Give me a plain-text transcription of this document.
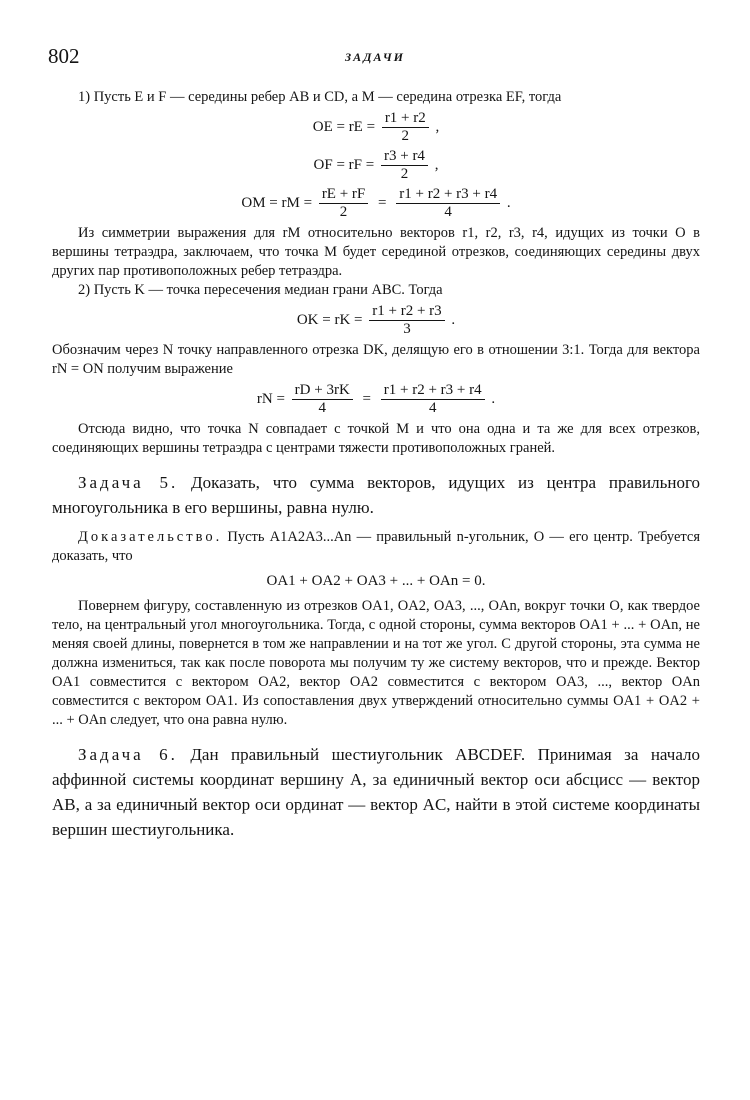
802	ЗАДАЧИ

1) Пусть E и F — середины ребер AB и CD, а M — середина отрезка EF, тогда

OE = rE = $\frac{r1 + r2}{2}$ ,
OF = rF = $\frac{r3 + r4}{2}$ ,
OM = rM = $\frac{rE + rF}{2} = \frac{r1 + r2 + r3 + r4}{4}$ .

Из симметрии выражения для rM относительно векторов r1, r2, r3, r4, идущих из точки O в вершины тетраэдра, заключаем, что точка M будет серединой отрезков, соединяющих середины двух других пар противоположных ребер тетраэдра.

2) Пусть K — точка пересечения медиан грани ABC. Тогда

OK = rK = $\frac{r1 + r2 + r3}{3}$ .

Обозначим через N точку направленного отрезка DK, делящую его в отношении 3:1. Тогда для вектора rN = ON получим выражение

rN = $\frac{rD + 3rK}{4} = \frac{r1 + r2 + r3 + r4}{4}$ .

Отсюда видно, что точка N совпадает с точкой M и что она одна и та же для всех отрезков, соединяющих вершины тетраэдра с центрами тяжести противоположных граней.

Задача 5. Доказать, что сумма векторов, идущих из центра правильного многоугольника в его вершины, равна нулю.

Доказательство. Пусть A1A2A3...An — правильный n-угольник, O — его центр. Требуется доказать, что

OA1 + OA2 + OA3 + ... + OAn = 0.

Повернем фигуру, составленную из отрезков OA1, OA2, OA3, ..., OAn, вокруг точки O, как твердое тело, на центральный угол многоугольника. Тогда, с одной стороны, сумма векторов OA1 + ... + OAn, не меняя своей длины, повернется в том же направлении и на тот же угол. С другой стороны, эта сумма не должна измениться, так как после поворота мы получим ту же систему векторов, что и прежде. Вектор OA1 совместится с вектором OA2, вектор OA2 совместится с вектором OA3, ..., вектор OAn совместится с вектором OA1. Из сопоставления двух утверждений относительно суммы OA1 + OA2 + ... + OAn следует, что она равна нулю.

Задача 6. Дан правильный шестиугольник ABCDEF. Принимая за начало аффинной системы координат вершину A, за единичный вектор оси абсцисс — вектор AB, а за единичный вектор оси ординат — вектор AC, найти в этой системе координаты вершин шестиугольника.
